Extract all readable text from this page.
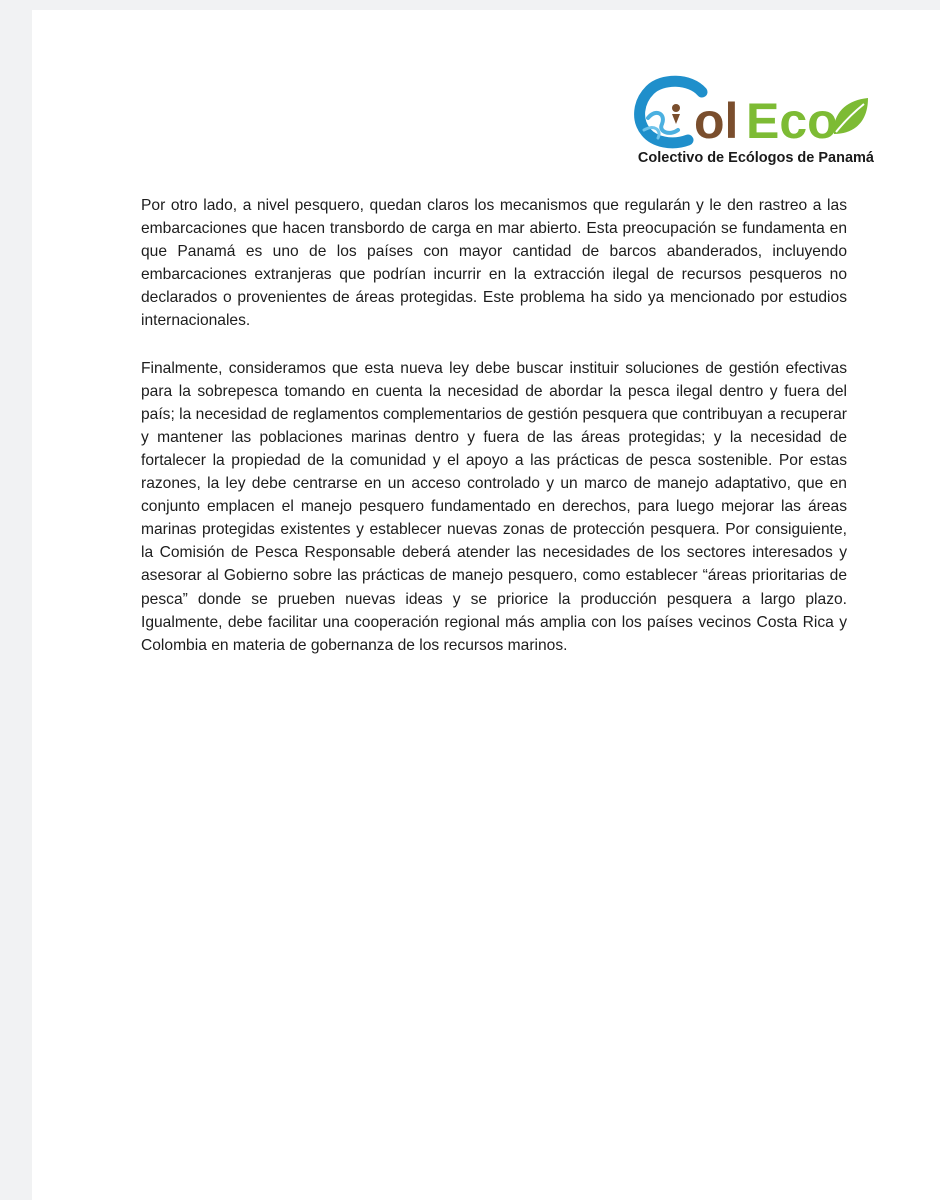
ol Eco
Colectivo de Ecólogos de Panamá

Por otro lado, a nivel pesquero, quedan claros los mecanismos que regularán y le den rastreo a las embarcaciones que hacen transbordo de carga en mar abierto. Esta preocupación se fundamenta en que Panamá es uno de los países con mayor cantidad de barcos abanderados, incluyendo embarcaciones extranjeras que podrían incurrir en la extracción ilegal de recursos pesqueros no declarados o provenientes de áreas protegidas. Este problema ha sido ya mencionado por estudios internacionales.

Finalmente, consideramos que esta nueva ley debe buscar instituir soluciones de gestión efectivas para la sobrepesca tomando en cuenta la necesidad de abordar la pesca ilegal dentro y fuera del país; la necesidad de reglamentos complementarios de gestión pesquera que contribuyan a recuperar y mantener las poblaciones marinas dentro y fuera de las áreas protegidas; y la necesidad de fortalecer la propiedad de la comunidad y el apoyo a las prácticas de pesca sostenible. Por estas razones, la ley debe centrarse en un acceso controlado y un marco de manejo adaptativo, que en conjunto emplacen el manejo pesquero fundamentado en derechos, para luego mejorar las áreas marinas protegidas existentes y establecer nuevas zonas de protección pesquera. Por consiguiente, la Comisión de Pesca Responsable deberá atender las necesidades de los sectores interesados y asesorar al Gobierno sobre las prácticas de manejo pesquero, como establecer “áreas prioritarias de pesca” donde se prueben nuevas ideas y se priorice la producción pesquera a largo plazo. Igualmente, debe facilitar una cooperación regional más amplia con los países vecinos Costa Rica y Colombia en materia de gobernanza de los recursos marinos.
